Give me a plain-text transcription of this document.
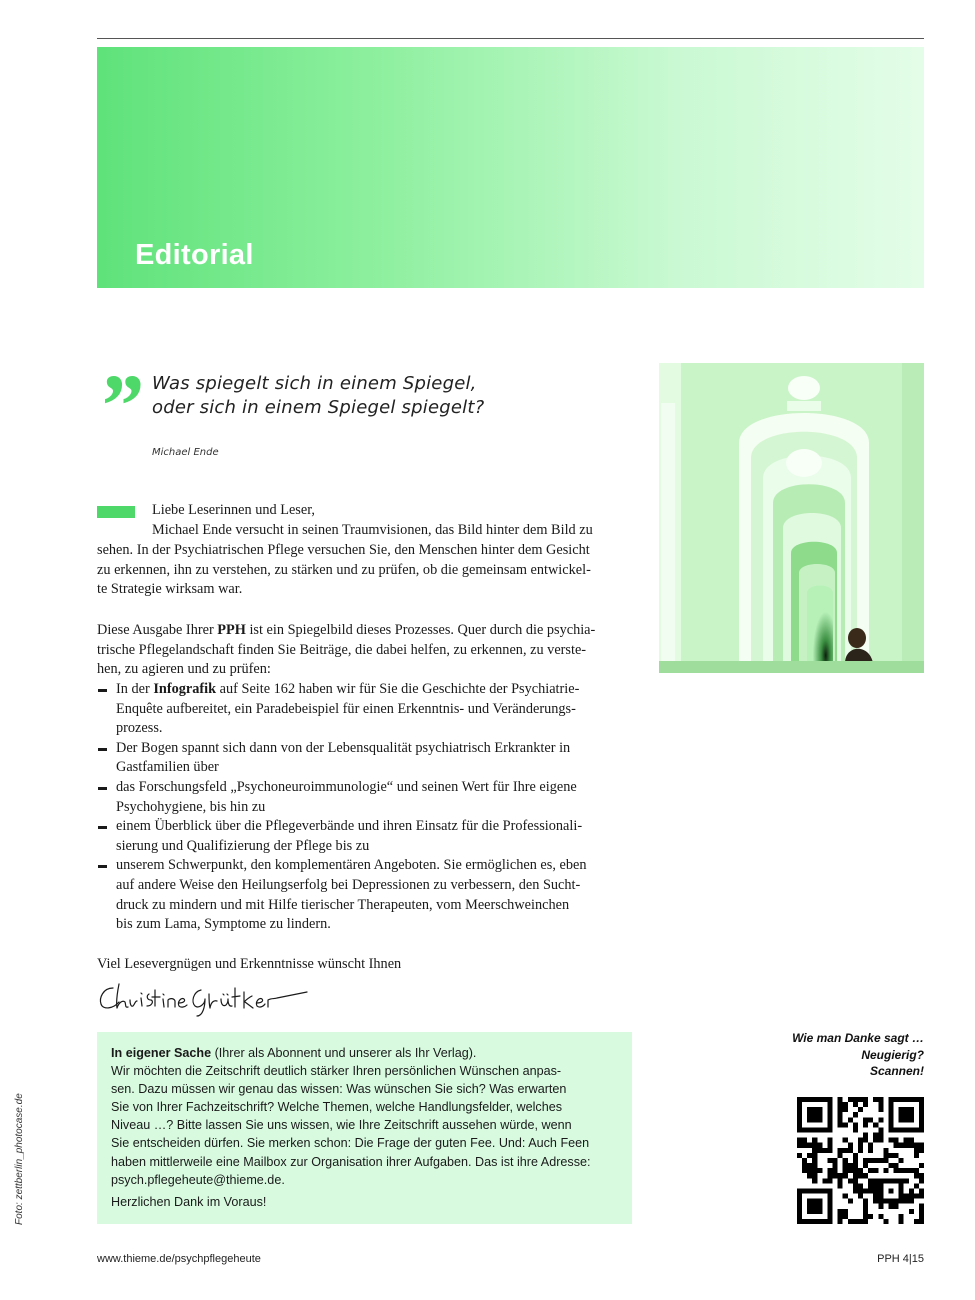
Editorial
” Was spiegelt sich in einem Spiegel,
oder sich in einem Spiegel spiegelt?
Michael Ende
Liebe Leserinnen und Leser,
Michael Ende versucht in seinen Traumvisionen, das Bild hinter dem Bild zu
sehen. In der Psychiatrischen Pflege versuchen Sie, den Menschen hinter dem Gesicht
zu erkennen, ihn zu verstehen, zu stärken und zu prüfen, ob die gemeinsam entwickel-
te Strategie wirksam war.
Diese Ausgabe Ihrer PPH ist ein Spiegelbild dieses Prozesses. Quer durch die psychia-
trische Pflegelandschaft finden Sie Beiträge, die dabei helfen, zu erkennen, zu verste-
hen, zu agieren und zu prüfen:
In der Infografik auf Seite 162 haben wir für Sie die Geschichte der Psychiatrie-
Enquête aufbereitet, ein Paradebeispiel für einen Erkenntnis- und Veränderungs-
prozess.
Der Bogen spannt sich dann von der Lebensqualität psychiatrisch Erkrankter in
Gastfamilien über
das Forschungsfeld „Psychoneuroimmunologie“ und seinen Wert für Ihre eigene
Psychohygiene, bis hin zu
einem Überblick über die Pflegeverbände und ihren Einsatz für die Professionali-
sierung und Qualifizierung der Pflege bis zu
unserem Schwerpunkt, den komplementären Angeboten. Sie ermöglichen es, eben
auf andere Weise den Heilungserfolg bei Depressionen zu verbessern, den Sucht-
druck zu mindern und mit Hilfe tierischer Therapeuten, vom Meerschweinchen
bis zum Lama, Symptome zu lindern.
Viel Lesevergnügen und Erkenntnisse wünscht Ihnen
In eigener Sache (Ihrer als Abonnent und unserer als Ihr Verlag).
Wir möchten die Zeitschrift deutlich stärker Ihren persönlichen Wünschen anpas-
sen. Dazu müssen wir genau das wissen: Was wünschen Sie sich? Was erwarten
Sie von Ihrer Fachzeitschrift? Welche Themen, welche Handlungsfelder, welches
Niveau …? Bitte lassen Sie uns wissen, wie Ihre Zeitschrift aussehen würde, wenn
Sie entscheiden dürfen. Sie merken schon: Die Frage der guten Fee. Und: Auch Feen
haben mittlerweile eine Mailbox zur Organisation ihrer Aufgaben. Das ist ihre Adresse:
psych.pflegeheute@thieme.de.
Herzlichen Dank im Voraus!
Wie man Danke sagt …
Neugierig?
Scannen!
Foto: zettberlin_photocase.de
www.thieme.de/psychpflegeheute	PPH 4|15
